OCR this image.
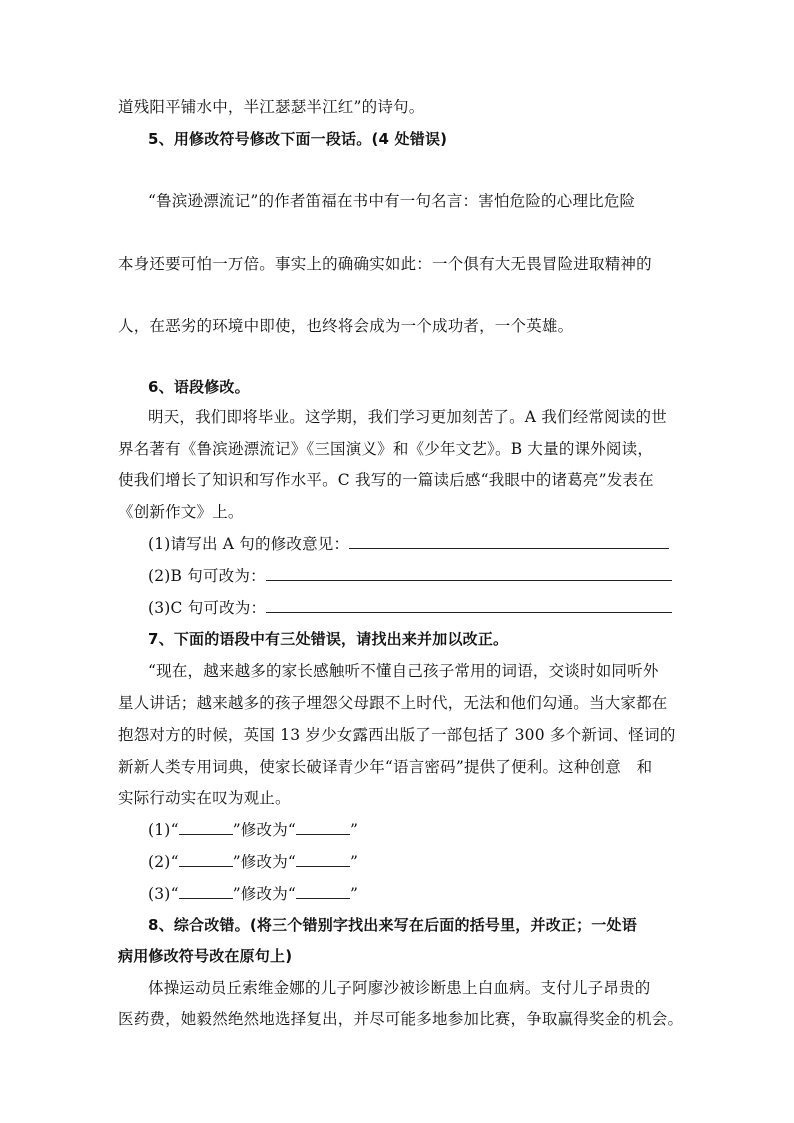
道残阳平铺水中，半江瑟瑟半江红”的诗句。
5、用修改符号修改下面一段话。(4 处错误)
“鲁滨逊漂流记”的作者笛福在书中有一句名言：害怕危险的心理比危险
本身还要可怕一万倍。事实上的确确实如此：一个俱有大无畏冒险进取精神的
人，在恶劣的环境中即使，也终将会成为一个成功者，一个英雄。
6、语段修改。
明天，我们即将毕业。这学期，我们学习更加刻苦了。A 我们经常阅读的世
界名著有《鲁滨逊漂流记》《三国演义》和《少年文艺》。B 大量的课外阅读，
使我们增长了知识和写作水平。C 我写的一篇读后感“我眼中的诸葛亮”发表在
《创新作文》上。
(1)请写出 A 句的修改意见：
(2)B 句可改为：
(3)C 句可改为：
7、下面的语段中有三处错误，请找出来并加以改正。
“现在，越来越多的家长感触听不懂自己孩子常用的词语，交谈时如同听外
星人讲话；越来越多的孩子埋怨父母跟不上时代，无法和他们勾通。当大家都在
抱怨对方的时候，英国 13 岁少女露西出版了一部包括了 300 多个新词、怪词的
新新人类专用词典，使家长破译青少年“语言密码”提供了便利。这种创意　和
实际行动实在叹为观止。
(1) “	”修改为“	”
(2) “	”修改为“	”
(3) “	”修改为“	”
8、综合改错。(将三个错别字找出来写在后面的括号里，并改正；一处语
病用修改符号改在原句上)
体操运动员丘索维金娜的儿子阿廖沙被诊断患上白血病。支付儿子昂贵的
医药费，她毅然绝然地选择复出，并尽可能多地参加比赛，争取赢得奖金的机会。
